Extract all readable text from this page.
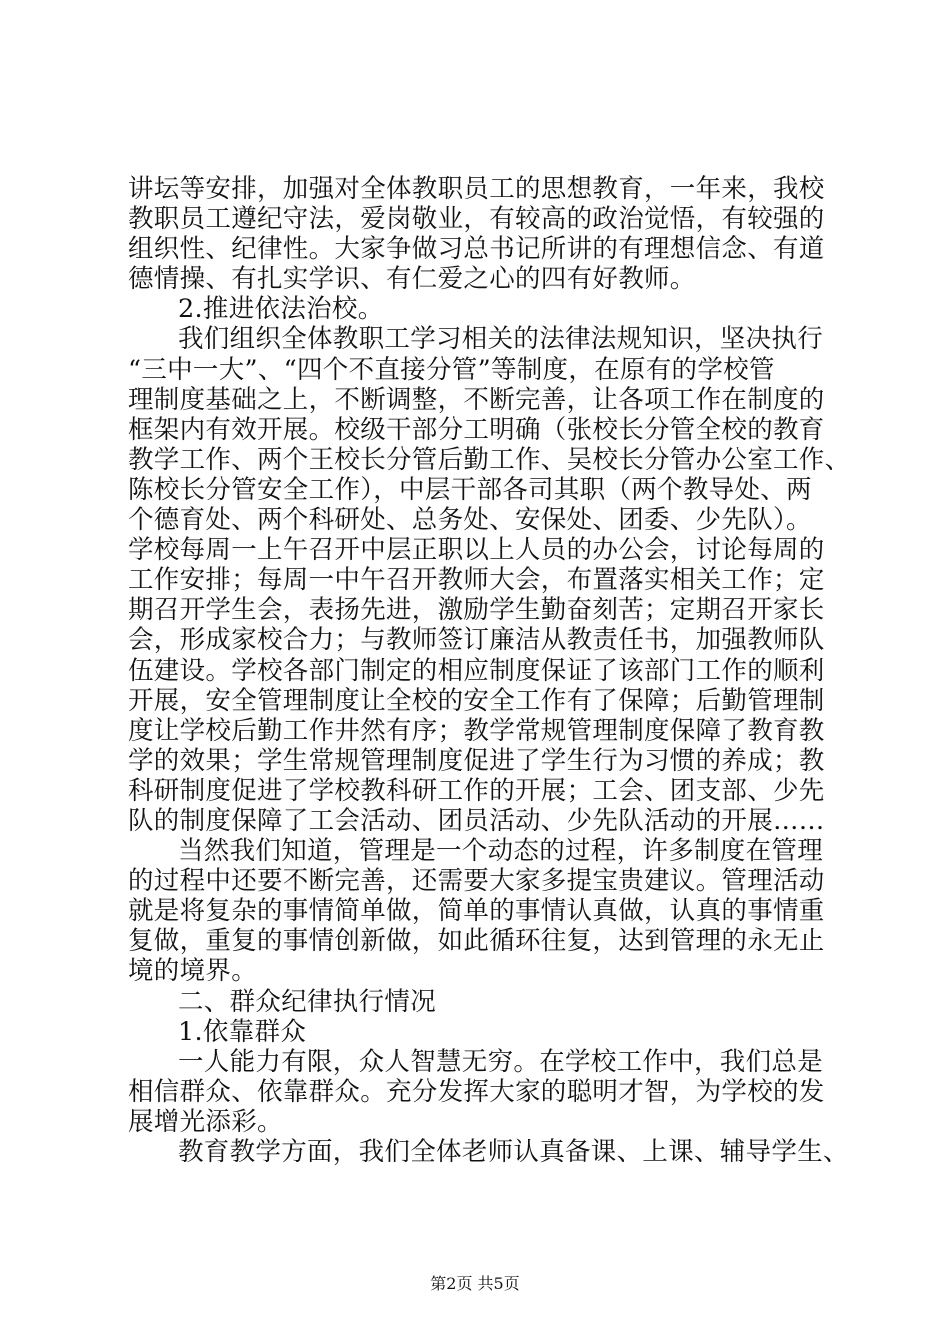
讲坛等安排，加强对全体教职员工的思想教育，一年来，我校
教职员工遵纪守法，爱岗敬业，有较高的政治觉悟，有较强的
组织性、纪律性。大家争做习总书记所讲的有理想信念、有道
德情操、有扎实学识、有仁爱之心的四有好教师。
2.推进依法治校。
我们组织全体教职工学习相关的法律法规知识，坚决执行
“三中一大”、“四个不直接分管”等制度，在原有的学校管
理制度基础之上，不断调整，不断完善，让各项工作在制度的
框架内有效开展。校级干部分工明确（张校长分管全校的教育
教学工作、两个王校长分管后勤工作、吴校长分管办公室工作、
陈校长分管安全工作），中层干部各司其职（两个教导处、两
个德育处、两个科研处、总务处、安保处、团委、少先队）。
学校每周一上午召开中层正职以上人员的办公会，讨论每周的
工作安排；每周一中午召开教师大会，布置落实相关工作；定
期召开学生会，表扬先进，激励学生勤奋刻苦；定期召开家长
会，形成家校合力；与教师签订廉洁从教责任书，加强教师队
伍建设。学校各部门制定的相应制度保证了该部门工作的顺利
开展，安全管理制度让全校的安全工作有了保障；后勤管理制
度让学校后勤工作井然有序；教学常规管理制度保障了教育教
学的效果；学生常规管理制度促进了学生行为习惯的养成；教
科研制度促进了学校教科研工作的开展；工会、团支部、少先
队的制度保障了工会活动、团员活动、少先队活动的开展……
当然我们知道，管理是一个动态的过程，许多制度在管理
的过程中还要不断完善，还需要大家多提宝贵建议。管理活动
就是将复杂的事情简单做，简单的事情认真做，认真的事情重
复做，重复的事情创新做，如此循环往复，达到管理的永无止
境的境界。
二、群众纪律执行情况
1.依靠群众
一人能力有限，众人智慧无穷。在学校工作中，我们总是
相信群众、依靠群众。充分发挥大家的聪明才智，为学校的发
展增光添彩。
教育教学方面，我们全体老师认真备课、上课、辅导学生、
第2页 共5页
